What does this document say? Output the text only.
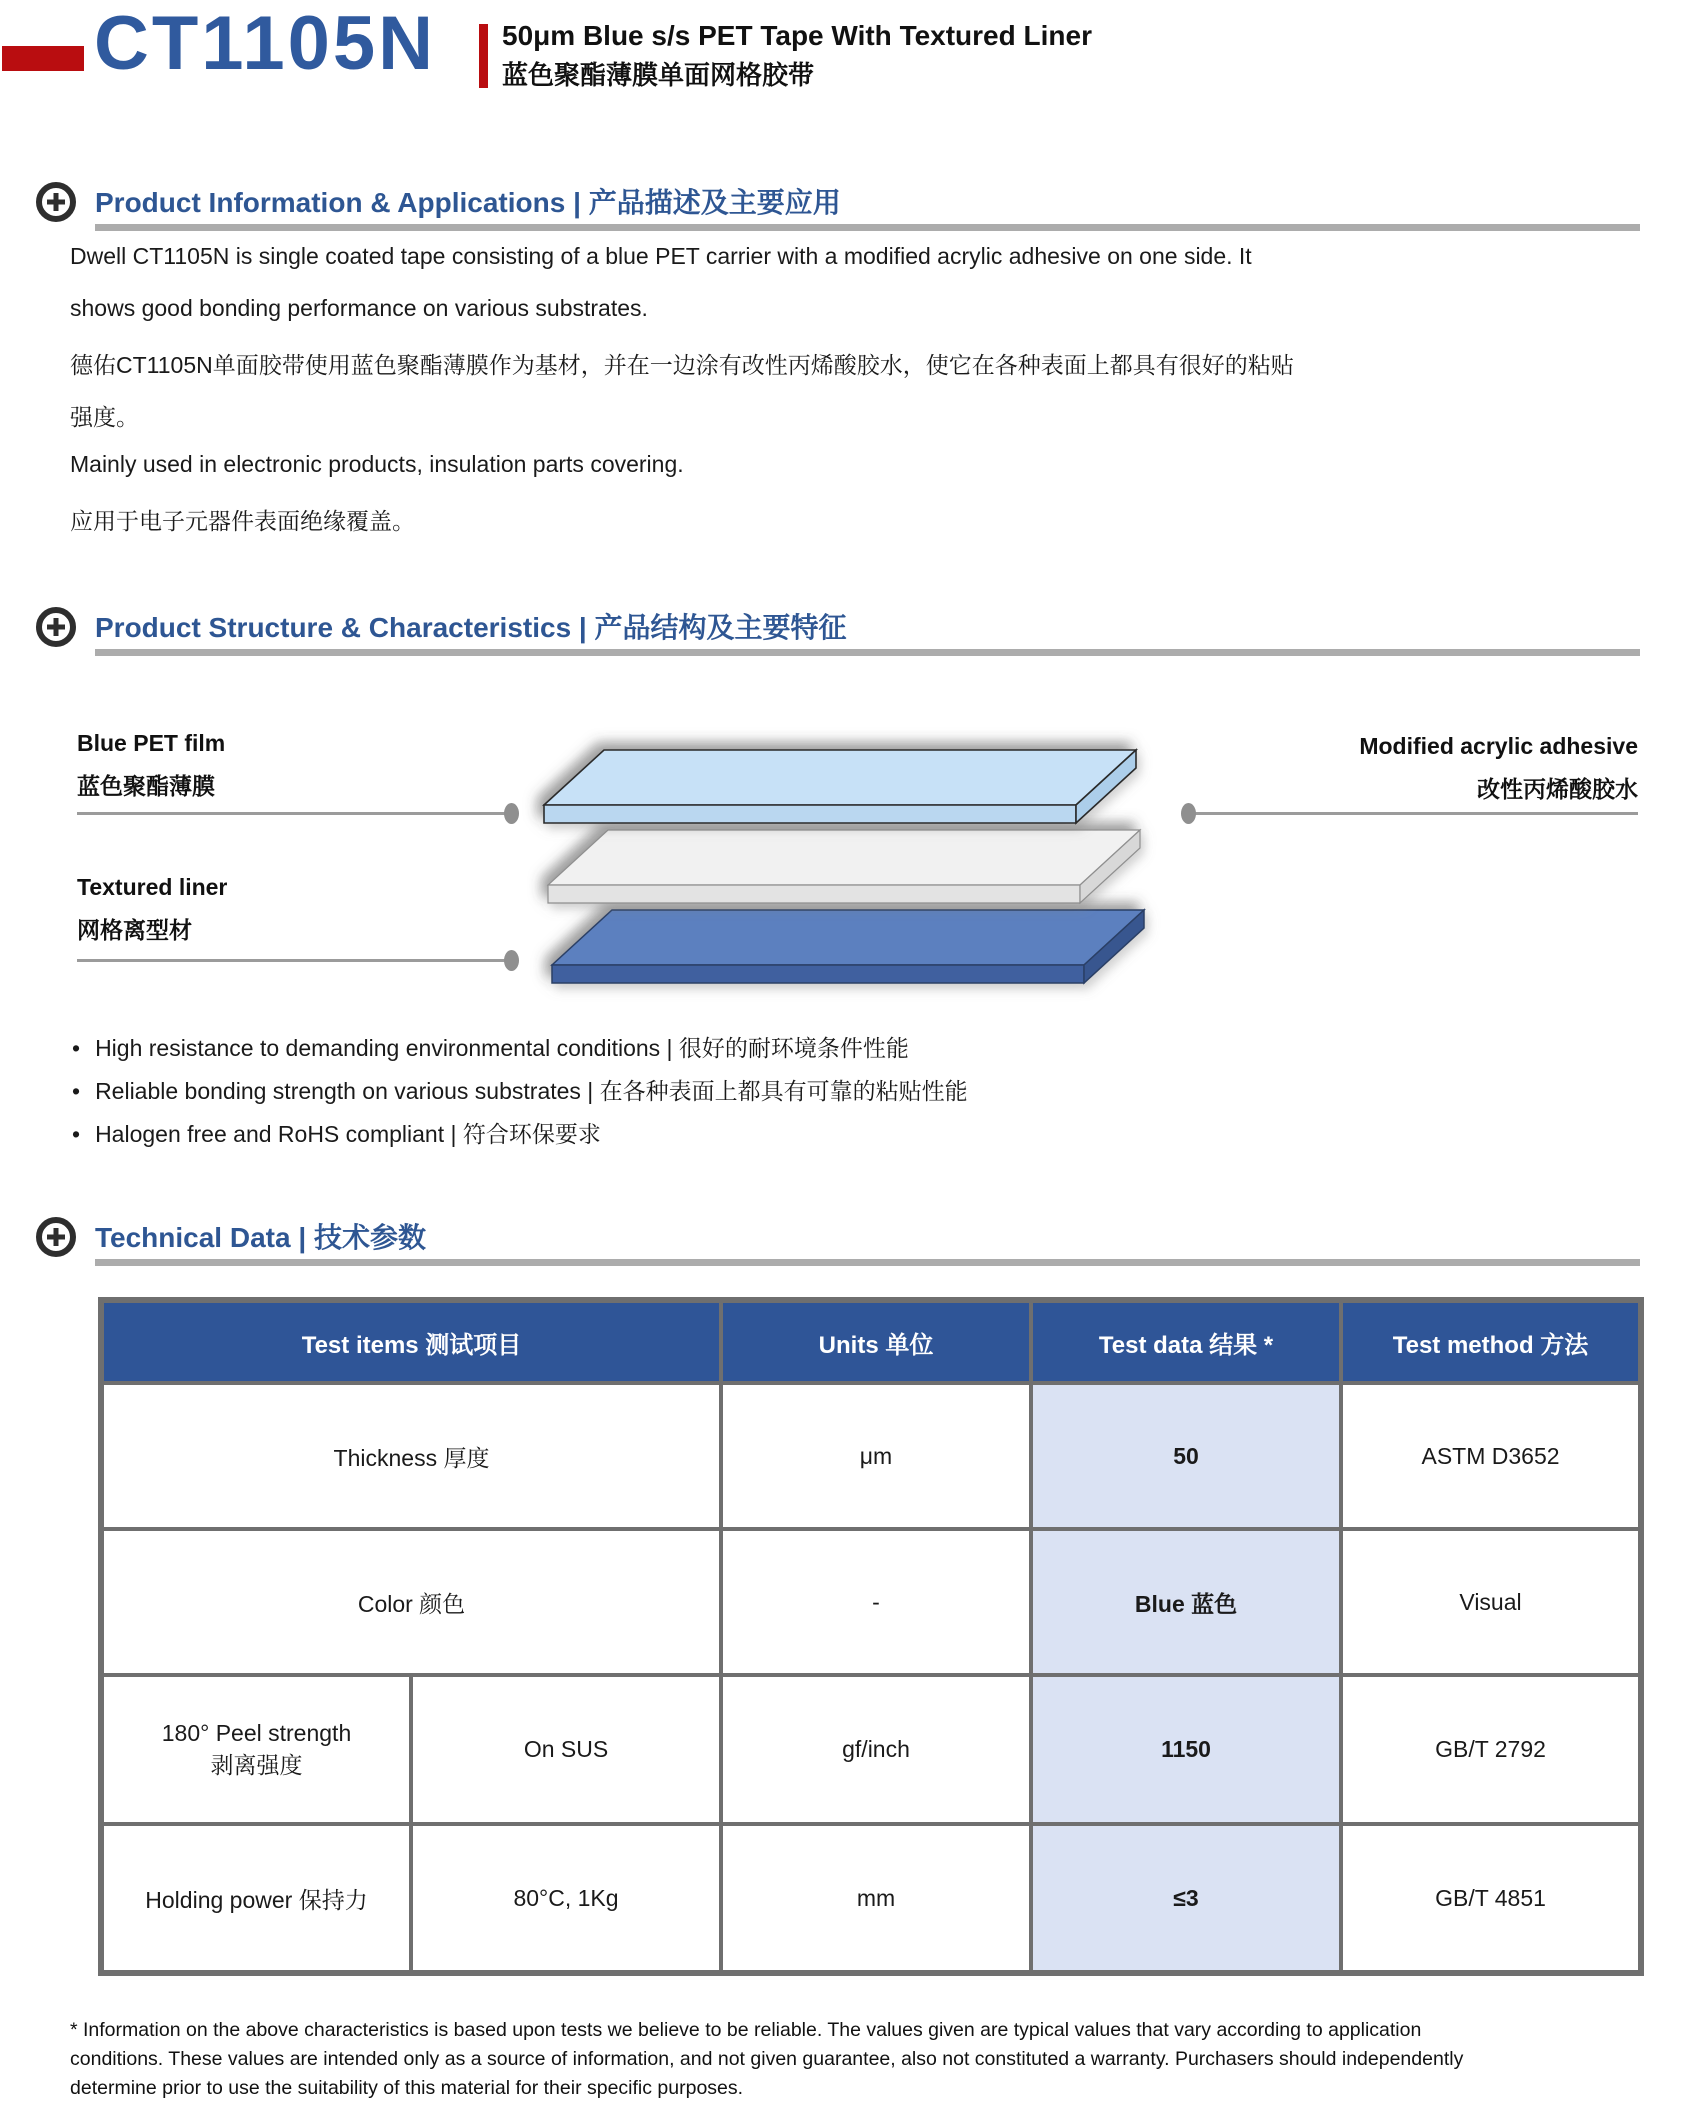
CT1105N 50μm Blue s/s PET Tape With Textured Liner
蓝色聚酯薄膜单面网格胶带
Product Information & Applications | 产品描述及主要应用
Dwell CT1105N is single coated tape consisting of a blue PET carrier with a modified acrylic adhesive on one side. It
shows good bonding performance on various substrates.
德佑CT1105N单面胶带使用蓝色聚酯薄膜作为基材，并在一边涂有改性丙烯酸胶水，使它在各种表面上都具有很好的粘贴
强度。
Mainly used in electronic products, insulation parts covering.
应用于电子元器件表面绝缘覆盖。
Product Structure & Characteristics | 产品结构及主要特征
Blue PET film
蓝色聚酯薄膜
Textured liner
网格离型材
Modified acrylic adhesive
改性丙烯酸胶水
• High resistance to demanding environmental conditions | 很好的耐环境条件性能
• Reliable bonding strength on various substrates | 在各种表面上都具有可靠的粘贴性能
• Halogen free and RoHS compliant | 符合环保要求
Technical Data | 技术参数
Test items 测试项目		Units 单位	Test data 结果 *	Test method 方法
Thickness 厚度		μm	50	ASTM D3652
Color 颜色		-	Blue 蓝色	Visual

180° Peel strength
剥离强度	On SUS	gf/inch	1150	GB/T 2792
Holding power 保持力	80°C, 1Kg	mm	≤3	GB/T 4851
* Information on the above characteristics is based upon tests we believe to be reliable. The values given are typical values that vary according to application
conditions. These values are intended only as a source of information, and not given guarantee, also not constituted a warranty. Purchasers should independently
determine prior to use the suitability of this material for their specific purposes.
